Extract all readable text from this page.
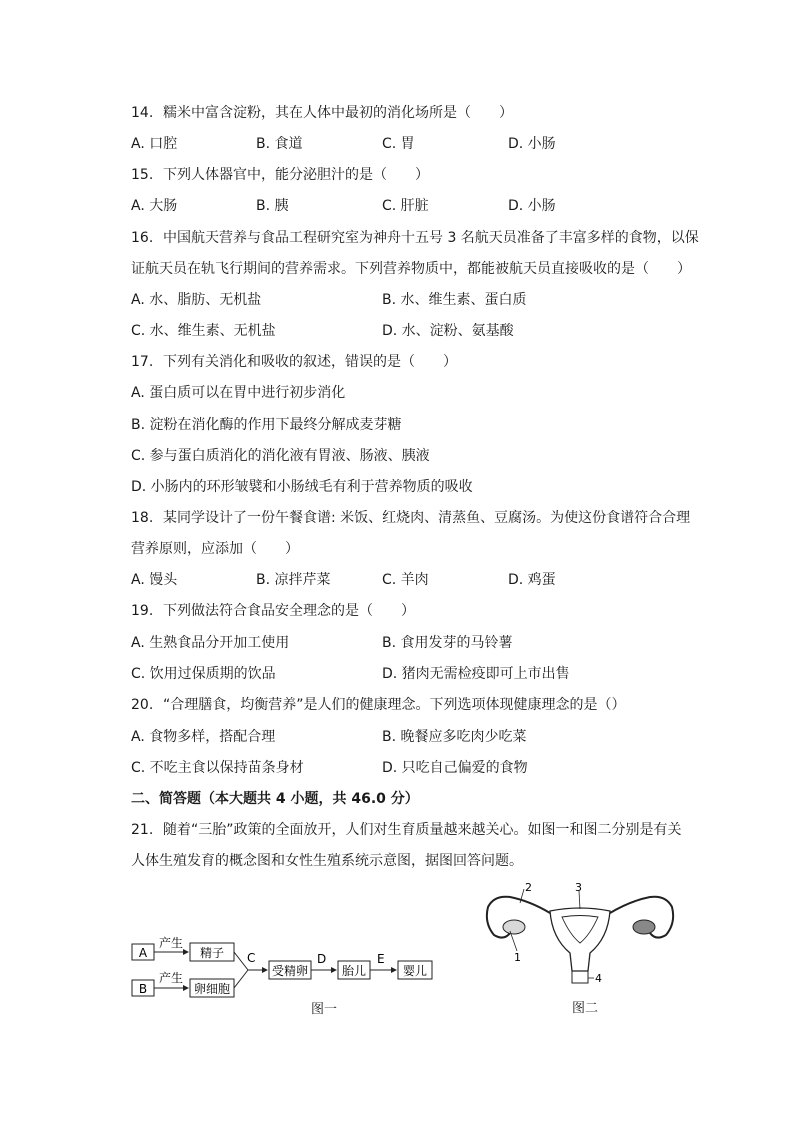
14. 糯米中富含淀粉，其在人体中最初的消化场所是（　　）
A. 口腔	B. 食道	C. 胃	D. 小肠
15. 下列人体器官中，能分泌胆汁的是（　　）
A. 大肠	B. 胰	C. 肝脏	D. 小肠
16. 中国航天营养与食品工程研究室为神舟十五号 3 名航天员准备了丰富多样的食物，以保
证航天员在轨飞行期间的营养需求。下列营养物质中，都能被航天员直接吸收的是（　　）
A. 水、脂肪、无机盐	B. 水、维生素、蛋白质
C. 水、维生素、无机盐	D. 水、淀粉、氨基酸
17. 下列有关消化和吸收的叙述，错误的是（　　）
A. 蛋白质可以在胃中进行初步消化
B. 淀粉在消化酶的作用下最终分解成麦芽糖
C. 参与蛋白质消化的消化液有胃液、肠液、胰液
D. 小肠内的环形皱襞和小肠绒毛有利于营养物质的吸收
18. 某同学设计了一份午餐食谱: 米饭、红烧肉、清蒸鱼、豆腐汤。为使这份食谱符合合理
营养原则，应添加（　　）
A. 馒头	B. 凉拌芹菜	C. 羊肉	D. 鸡蛋
19. 下列做法符合食品安全理念的是（　　）
A. 生熟食品分开加工使用	B. 食用发芽的马铃薯
C. 饮用过保质期的饮品	D. 猪肉无需检疫即可上市出售
20. “合理膳食，均衡营养”是人们的健康理念。下列选项体现健康理念的是（）
A. 食物多样，搭配合理	B. 晚餐应多吃肉少吃菜
C. 不吃主食以保持苗条身材	D. 只吃自己偏爱的食物
二、简答题（本大题共 4 小题，共 46.0 分）
21. 随着“三胎”政策的全面放开，人们对生育质量越来越关心。如图一和图二分别是有关
人体生殖发育的概念图和女性生殖系统示意图，据图回答问题。
A
B
产生
产生
精子
卵细胞
C
受精卵
D
胎儿
E
婴儿
图一
1
2	3
4
图二
